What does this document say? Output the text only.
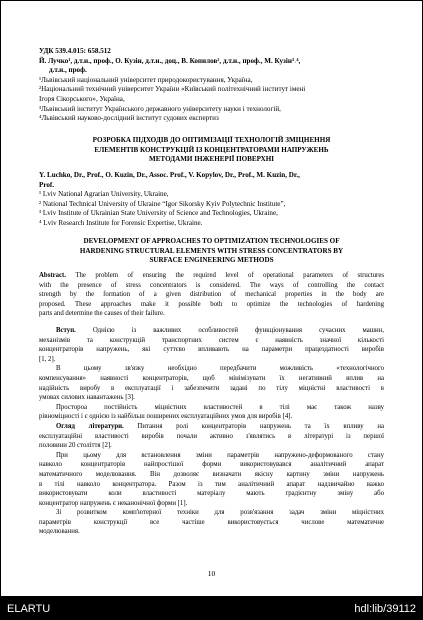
УДК 539.4.015: 658.512
Й. Лучко¹, д.т.н., проф., О. Кузін, д.т.н., доц., В. Копилов², д.т.н., проф., М. Кузін³˒⁴,
д.т.н., проф.
¹Львівський національний університет природокористування, Україна,
²Національний технічний університет України «Київський політехнічний інститут імені
Ігоря Сікорського», Україна,
³Львівський інститут Українського державного університету науки і технологій,
⁴Львівський науково-дослідний інститут судових експертиз
РОЗРОБКА ПІДХОДІВ ДО ОПТИМІЗАЦІЇ ТЕХНОЛОГІЙ ЗМІЦНЕННЯ
ЕЛЕМЕНТІВ КОНСТРУКЦІЙ ІЗ КОНЦЕНТРАТОРАМИ НАПРУЖЕНЬ
МЕТОДАМИ ІНЖЕНЕРІЇ ПОВЕРХНІ
Y. Luchko, Dr., Prof., O. Kuzin, Dr., Assoc. Prof., V. Kopylov, Dr., Prof., M. Kuzin, Dr.,
Prof.
¹ Lviv National Agrarian University, Ukraine,
² National Technical University of Ukraine “Igor Sikorsky Kyiv Polytechnic Institute”,
³ Lviv Institute of Ukrainian State University of Science and Technologies, Ukraine,
⁴ Lviv Research Institute for Forensic Expertise, Ukraine.
DEVELOPMENT OF APPROACHES TO OPTIMIZATION TECHNOLOGIES OF
HARDENING STRUCTURAL ELEMENTS WITH STRESS CONCENTRATORS BY
SURFACE ENGINEERING METHODS
Abstract. The problem of ensuring the required level of operational parameters of structures
with the presence of stress concentrators is considered. The ways of controlling the contact
strength by the formation of a given distribution of mechanical properties in the body are
proposed. These approaches make it possible both to optimize the technologies of hardening
parts and determine the causes of their failure.
Вступ. Однією із важливих особливостей функціонування сучасних машин,
механізмів та конструкцій транспортних систем є наявність значної кількості
концентраторів напружень, які суттєво впливають на параметри працездатності виробів
[1, 2].
В цьому зв'язку необхідно передбачити можливість «технологічного
компенсування» наявності концентраторів, щоб мінімізувати їх негативний вплив на
надійність виробу в експлуатації і забезпечити задані по тілу міцністні властивості в
умовах силових навантажень [3].
Простороа постійність міцністних властивостей в тілі має також назву
рівноміцності і є однією із найбільш поширених експлуатаційних умов для виробів [4].
Огляд літератури. Питання ролі концентраторів напружень та їх впливу на
експлуатаційні властивості виробів почали активно з'являтись в літературі із першої
половини 20 століття [2].
При цьому для встановлення зміни параметрів напружено-деформованого стану
навколо концентраторів найпростішої форми використовувався аналітичний апарат
математичного моделювання. Він дозволяє визначати якісну картину зміни напружень
в тілі навколо концентратора. Разом із тим аналітичний апарат надзвичайно важко
використовувати коли властивості матеріалу мають градієнтну зміну або
концентратор напружень є неканонічної форми [1].
Зі розвитком комп'ютерної техніки для розв'язання задач зміни міцністних
параметрів конструкції все частіше використовується числове математичне
моделювання.
10
ELARTU	hdl:lib/39112
